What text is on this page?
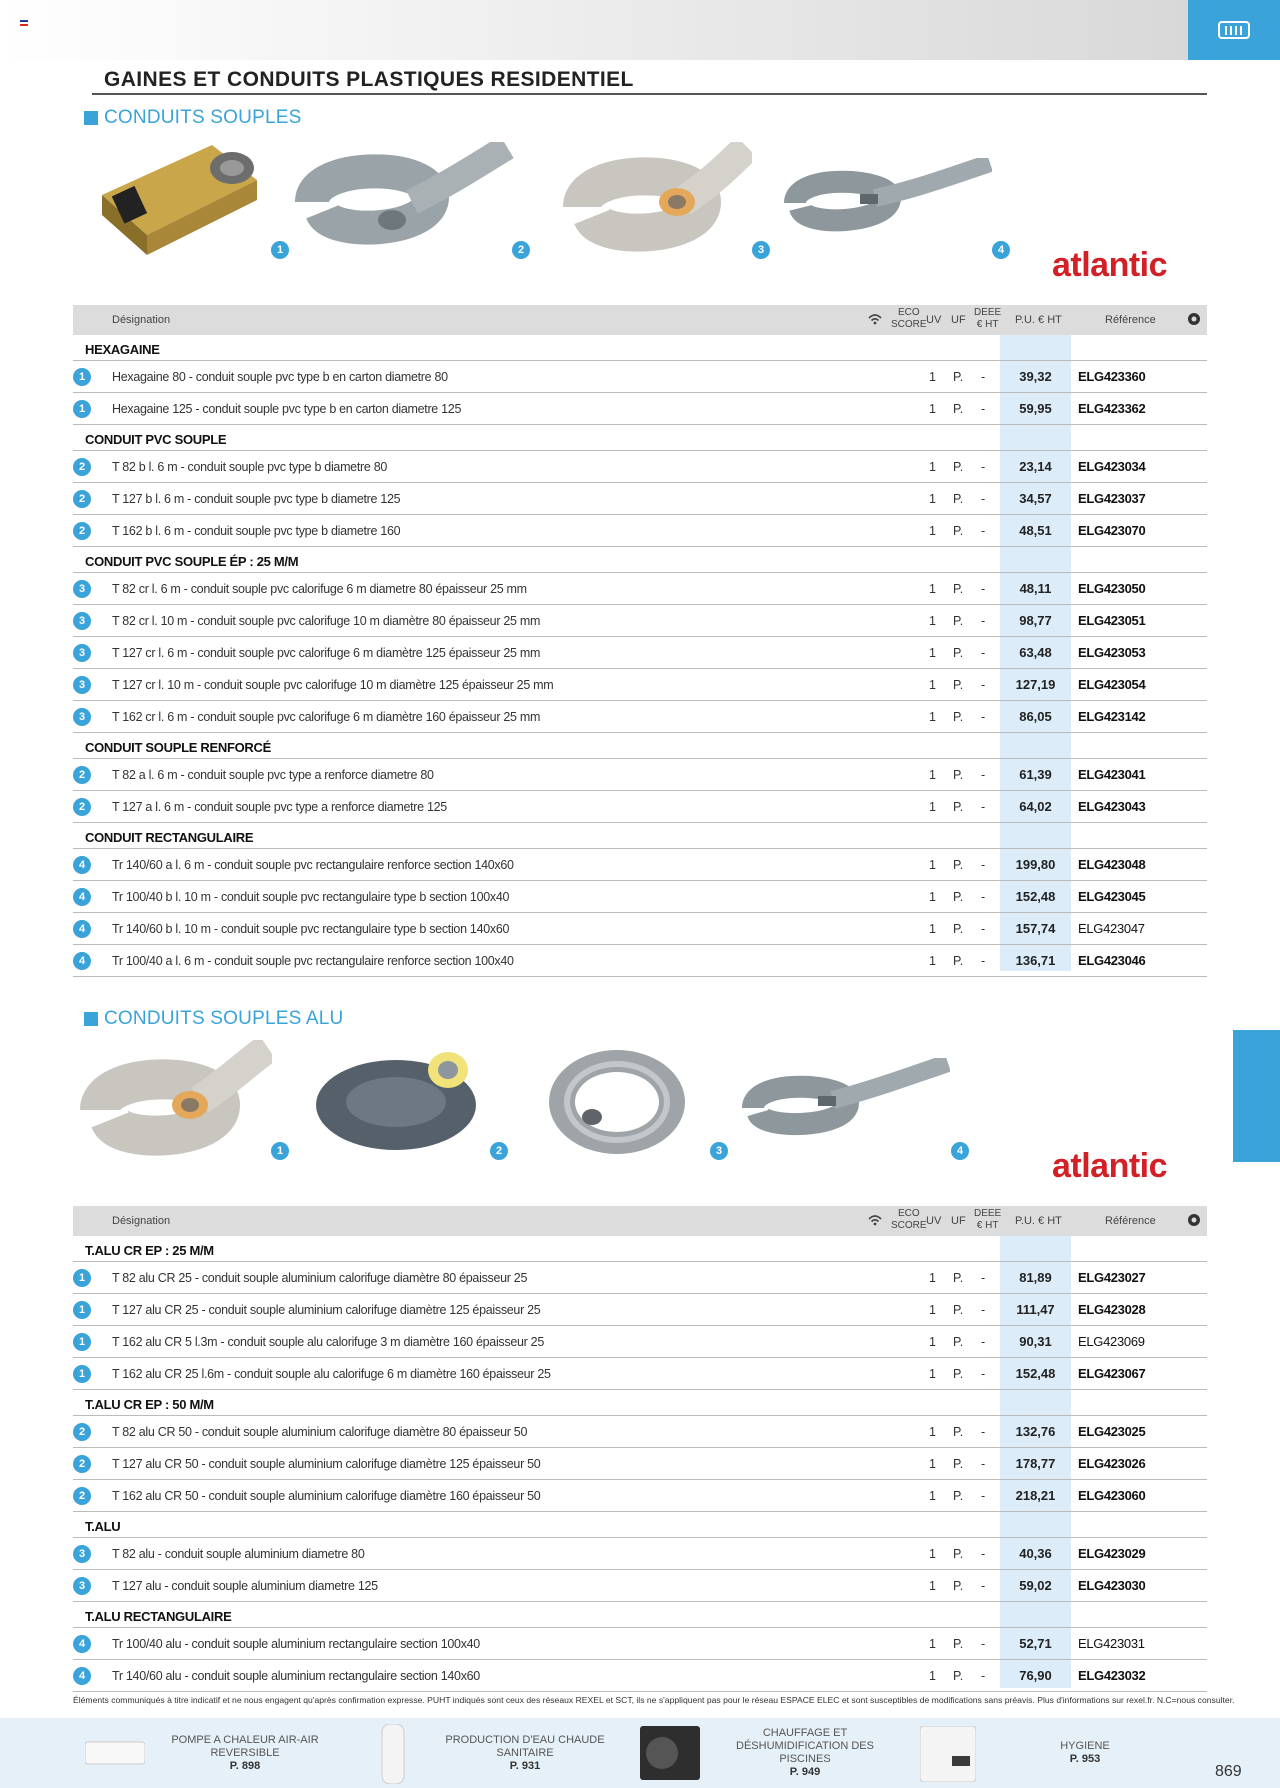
GAINES ET CONDUITS PLASTIQUES RESIDENTIEL
CONDUITS SOUPLES
1	2	3	4 atlantic
Désignation
ECO
SCORE UV UF
DEEE
€ HT P.U. € HT	Référence
HEXAGAINE
1	Hexagaine 80 - conduit souple pvc type b en carton diametre 80	1 P. -	39,32	ELG423360
1	Hexagaine 125 - conduit souple pvc type b en carton diametre 125	1 P. -	59,95	ELG423362
CONDUIT PVC SOUPLE
2	T 82 b l. 6 m - conduit souple pvc type b diametre 80	1 P. -	23,14	ELG423034
2	T 127 b l. 6 m - conduit souple pvc type b diametre 125	1 P. -	34,57	ELG423037
2	T 162 b l. 6 m - conduit souple pvc type b diametre 160	1 P. -	48,51	ELG423070
CONDUIT PVC SOUPLE ÉP : 25 M/M
3	T 82 cr l. 6 m - conduit souple pvc calorifuge 6 m diametre 80 épaisseur 25 mm	1 P. -	48,11	ELG423050
3	T 82 cr l. 10 m - conduit souple pvc calorifuge 10 m diamètre 80 épaisseur 25 mm	1 P. -	98,77	ELG423051
3	T 127 cr l. 6 m - conduit souple pvc calorifuge 6 m diamètre 125 épaisseur 25 mm	1 P. -	63,48	ELG423053
3	T 127 cr l. 10 m - conduit souple pvc calorifuge 10 m diamètre 125 épaisseur 25 mm	1 P. -	127,19	ELG423054
3	T 162 cr l. 6 m - conduit souple pvc calorifuge 6 m diamètre 160 épaisseur 25 mm	1 P. -	86,05	ELG423142
CONDUIT SOUPLE RENFORCÉ
2	T 82 a l. 6 m - conduit souple pvc type a renforce diametre 80	1 P. -	61,39	ELG423041
2	T 127 a l. 6 m - conduit souple pvc type a renforce diametre 125	1 P. -	64,02	ELG423043
CONDUIT RECTANGULAIRE
4	Tr 140/60 a l. 6 m - conduit souple pvc rectangulaire renforce section 140x60	1 P. -	199,80	ELG423048
4	Tr 100/40 b l. 10 m - conduit souple pvc rectangulaire type b section 100x40	1 P. -	152,48	ELG423045
4	Tr 140/60 b l. 10 m - conduit souple pvc rectangulaire type b section 140x60	1 P. -	157,74	ELG423047
4	Tr 100/40 a l. 6 m - conduit souple pvc rectangulaire renforce section 100x40	1 P. -	136,71	ELG423046
CONDUITS SOUPLES ALU
1	2	3	4	atlantic
Désignation
ECO
SCORE UV UF
DEEE
€ HT P.U. € HT	Référence
T.ALU CR EP : 25 M/M
1	T 82 alu CR 25 - conduit souple aluminium calorifuge diamètre 80 épaisseur 25	1 P. -	81,89	ELG423027
1	T 127 alu CR 25 - conduit souple aluminium calorifuge diamètre 125 épaisseur 25	1 P. -	111,47	ELG423028
1	T 162 alu CR 5 l.3m - conduit souple alu calorifuge 3 m diamètre 160 épaisseur 25	1 P. -	90,31	ELG423069
1	T 162 alu CR 25 l.6m - conduit souple alu calorifuge 6 m diamètre 160 épaisseur 25	1 P. -	152,48	ELG423067
T.ALU CR EP : 50 M/M
2	T 82 alu CR 50 - conduit souple aluminium calorifuge diamètre 80 épaisseur 50	1 P. -	132,76	ELG423025
2	T 127 alu CR 50 - conduit souple aluminium calorifuge diamètre 125 épaisseur 50	1 P. -	178,77	ELG423026
2	T 162 alu CR 50 - conduit souple aluminium calorifuge diamètre 160 épaisseur 50	1 P. -	218,21	ELG423060
T.ALU
3	T 82 alu - conduit souple aluminium diametre 80	1 P. -	40,36	ELG423029
3	T 127 alu - conduit souple aluminium diametre 125	1 P. -	59,02	ELG423030
T.ALU RECTANGULAIRE
4	Tr 100/40 alu - conduit souple aluminium rectangulaire section 100x40	1 P. -	52,71	ELG423031
4	Tr 140/60 alu - conduit souple aluminium rectangulaire section 140x60	1 P. -	76,90	ELG423032
Éléments communiqués à titre indicatif et ne nous engagent qu'après confirmation expresse. PUHT indiqués sont ceux des réseaux REXEL et SCT, ils ne s'appliquent pas pour le réseau ESPACE ELEC et sont susceptibles de modifications sans préavis. Plus d'informations sur rexel.fr. N.C=nous consulter.
POMPE A CHALEUR AIR-AIR REVERSIBLE
P. 898
PRODUCTION D'EAU CHAUDE SANITAIRE
P. 931
CHAUFFAGE ET DÉSHUMIDIFICATION DES PISCINES
P. 949
HYGIENE
P. 953
869
